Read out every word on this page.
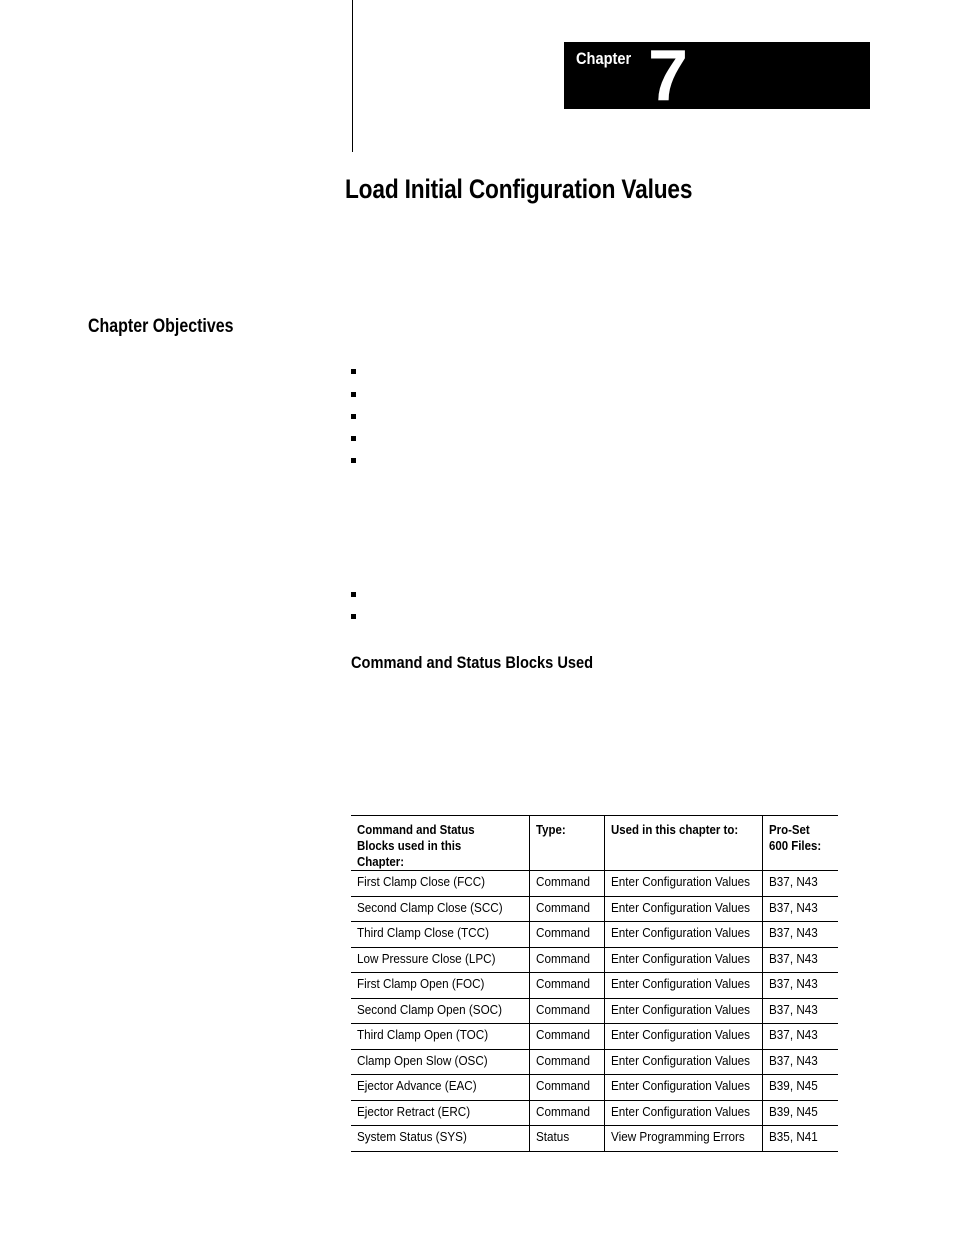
Chapter 7
Load Initial Configuration Values
Chapter Objectives
Command and Status Blocks Used
Command and Status Blocks used in this Chapter:	Type:	Used in this chapter to:	Pro-Set 600 Files:
First Clamp Close (FCC)	Command	Enter Configuration Values	B37, N43
Second Clamp Close (SCC)	Command	Enter Configuration Values	B37, N43
Third Clamp Close (TCC)	Command	Enter Configuration Values	B37, N43
Low Pressure Close (LPC)	Command	Enter Configuration Values	B37, N43
First Clamp Open (FOC)	Command	Enter Configuration Values	B37, N43
Second Clamp Open (SOC)	Command	Enter Configuration Values	B37, N43
Third Clamp Open (TOC)	Command	Enter Configuration Values	B37, N43
Clamp Open Slow (OSC)	Command	Enter Configuration Values	B37, N43
Ejector Advance (EAC)	Command	Enter Configuration Values	B39, N45
Ejector Retract (ERC)	Command	Enter Configuration Values	B39, N45
System Status (SYS)	Status	View Programming Errors	B35, N41
